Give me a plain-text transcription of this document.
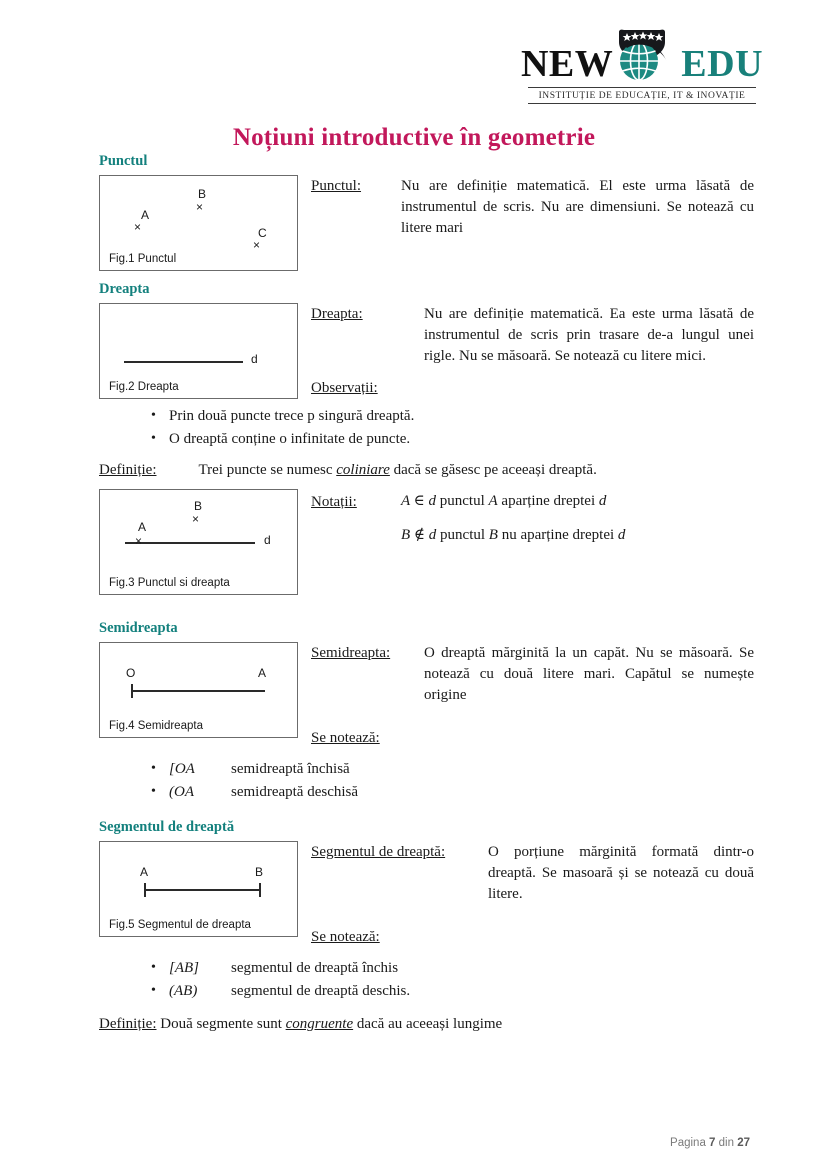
NEW EDU
INSTITUȚIE DE EDUCAȚIE, IT & INOVAȚIE
Noțiuni introductive în geometrie
Punctul
B
×
A
×	C
×
Fig.1 Punctul
Punctul:	Nu are definiție matematică. El este urma lăsată de instrumentul de scris. Nu are dimensiuni. Se notează cu litere mari

Dreapta
d
Fig.2 Dreapta
Dreapta:	Nu are definiție matematică. Ea este urma lăsată de instrumentul de scris prin trasare de-a lungul unei rigle. Nu se măsoară. Se notează cu litere mici.

Observații:
• Prin două puncte trece p singură dreaptă.
• O dreaptă conține o infinitate de puncte.

Definiție:	Trei puncte se numesc coliniare dacă se găsesc pe aceeași dreaptă.

B
×
A
×	d
Fig.3 Punctul si dreapta
Notații:	A ∈ d punctul A aparține dreptei d
B ∉ d punctul B nu aparține dreptei d
Semidreapta
O	A
Fig.4 Semidreapta
Semidreapta:	O dreaptă mărginită la un capăt. Nu se măsoară. Se notează cu două litere mari. Capătul se numește origine

Se notează:
• [OA semidreaptă închisă
• (OA semidreaptă deschisă
Segmentul de dreaptă
A	B
Fig.5 Segmentul de dreapta
Segmentul de dreaptă:	O porțiune mărginită formată dintr-o dreaptă. Se masoară și se notează cu două litere.

Se notează:
• [AB] segmentul de dreaptă închis
• (AB) segmentul de dreaptă deschis.

Definiție: Două segmente sunt congruente dacă au aceeași lungime

Pagina 7 din 27
